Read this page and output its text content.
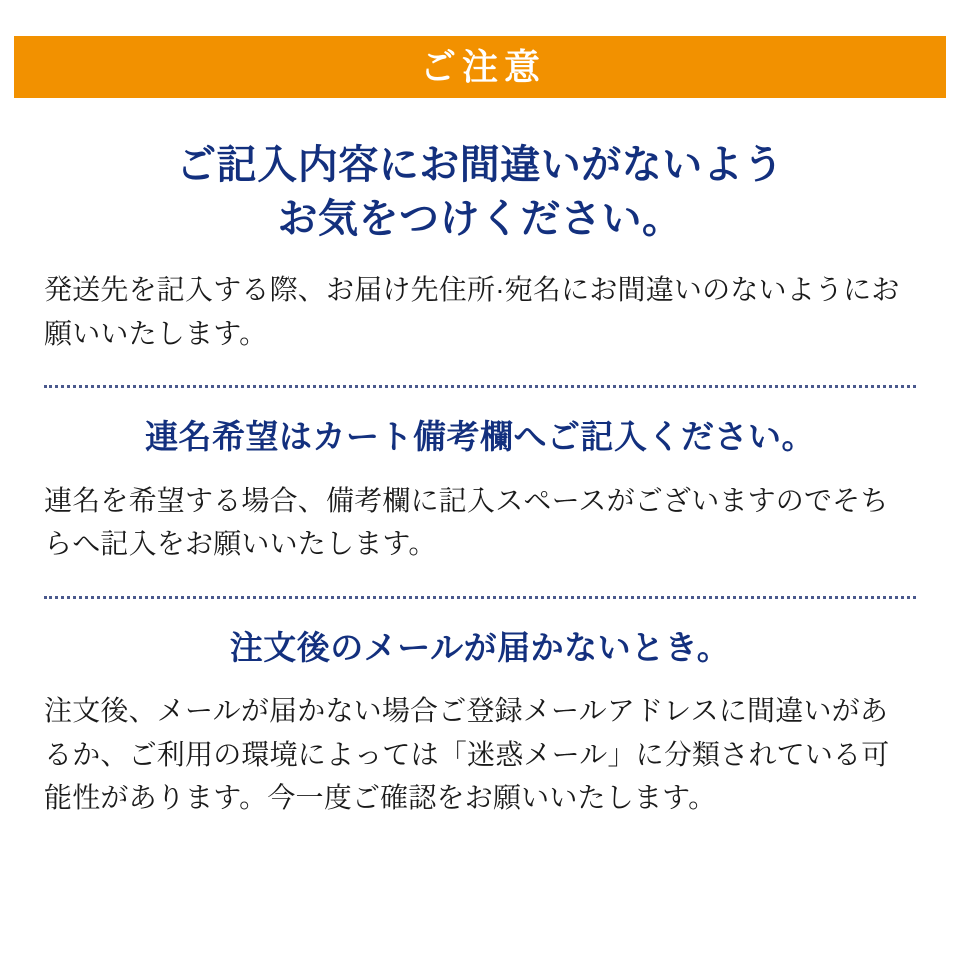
ご注意
ご記入内容にお間違いがないよう
お気をつけください。

発送先を記入する際、お届け先住所·宛名にお間違いのないようにお願いいたします。

連名希望はカート備考欄へご記入ください。

連名を希望する場合、備考欄に記入スペースがございますのでそちらへ記入をお願いいたします。

注文後のメールが届かないとき。

注文後、メールが届かない場合ご登録メールアドレスに間違いがあるか、ご利用の環境によっては「迷惑メール」に分類されている可能性があります。今一度ご確認をお願いいたします。
